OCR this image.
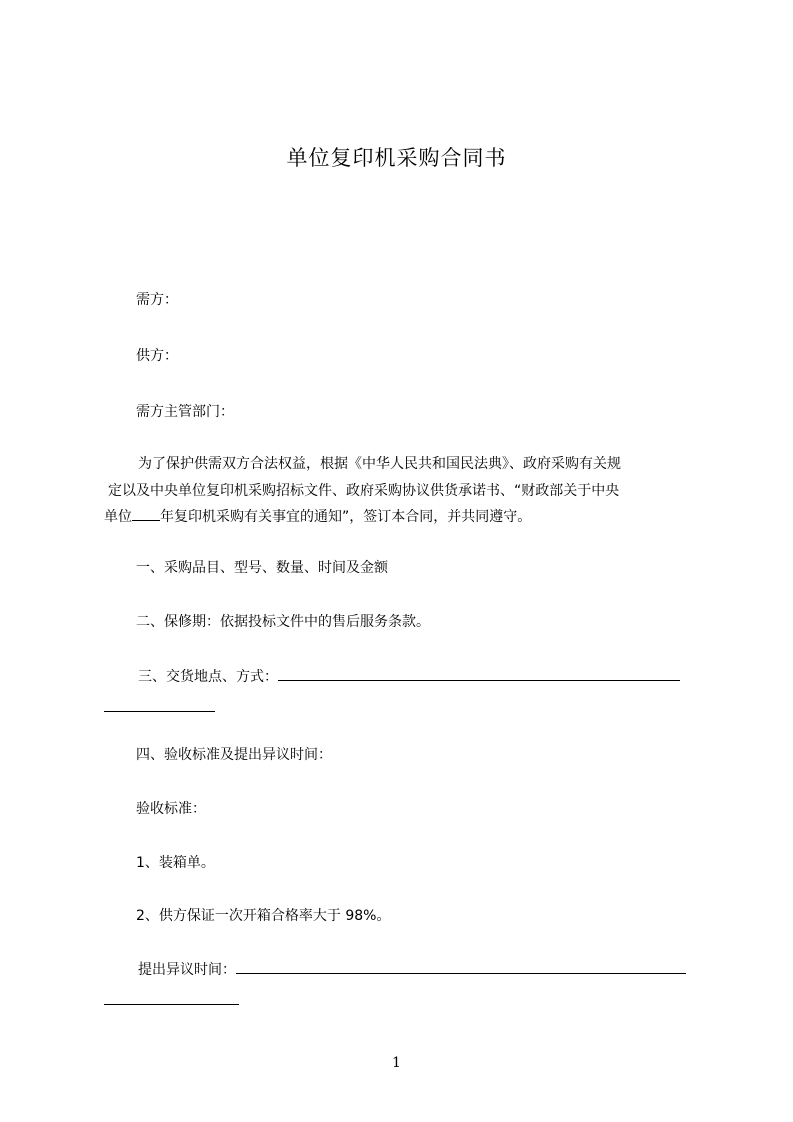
单位复印机采购合同书
需方：
供方：
需方主管部门：
为了保护供需双方合法权益，根据《中华人民共和国民法典》、政府采购有关规
定以及中央单位复印机采购招标文件、政府采购协议供货承诺书、“财政部关于中央
单位 年复印机采购有关事宜的通知”，签订本合同，并共同遵守。
一、采购品目、型号、数量、时间及金额
二、保修期：依据投标文件中的售后服务条款。
三、交货地点、方式：
四、验收标准及提出异议时间：
验收标准：
1、装箱单。
2、供方保证一次开箱合格率大于 98%。
提出异议时间：
1
